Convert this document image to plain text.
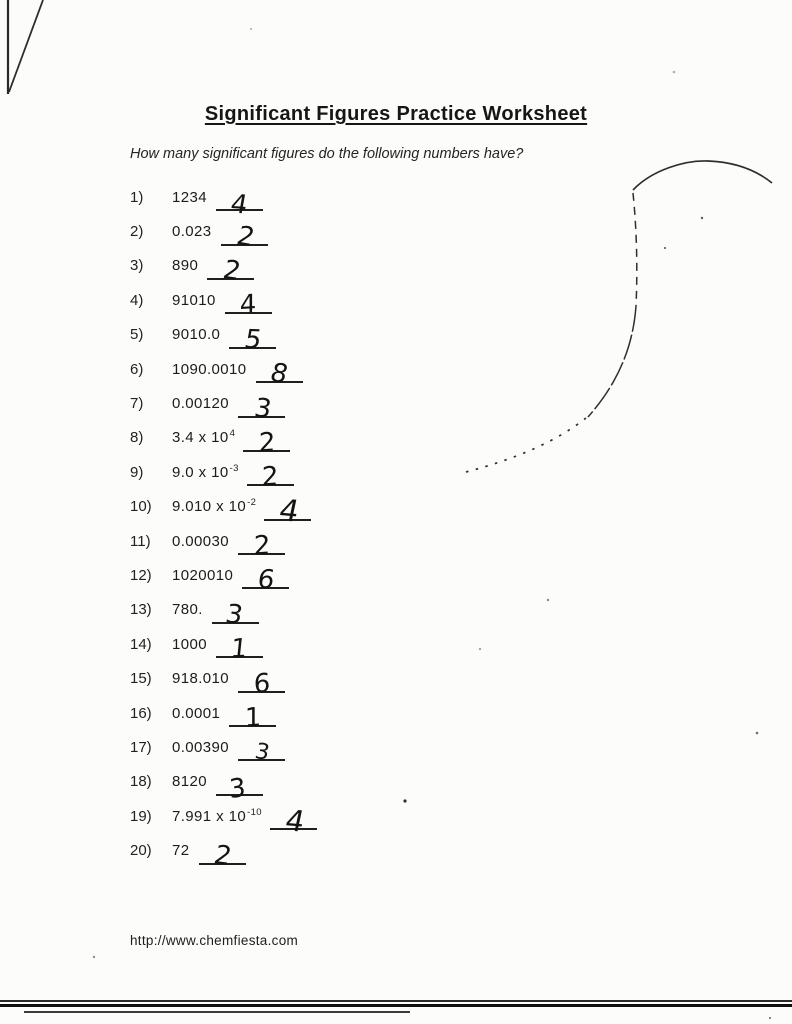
Significant Figures Practice Worksheet

How many significant figures do the following numbers have?

1)	1234 4
2)	0.023 2
3)	890 2
4)	91010 4
5)	9010.0 5
6)	1090.0010 8
7)	0.00120 3
8)	3.4 x $10^4$ 2
9)	9.0 x $10^{-3}$ 2
10)	9.010 x $10^{-2}$ 4
11)	0.00030 2
12)	1020010 6
13)	780. 3
14)	1000 1
15)	918.010 6
16)	0.0001 1
17)	0.00390 3
18)	8120 3
19)	7.991 x $10^{-10}$ 4
20)	72 2

http://www.chemfiesta.com
